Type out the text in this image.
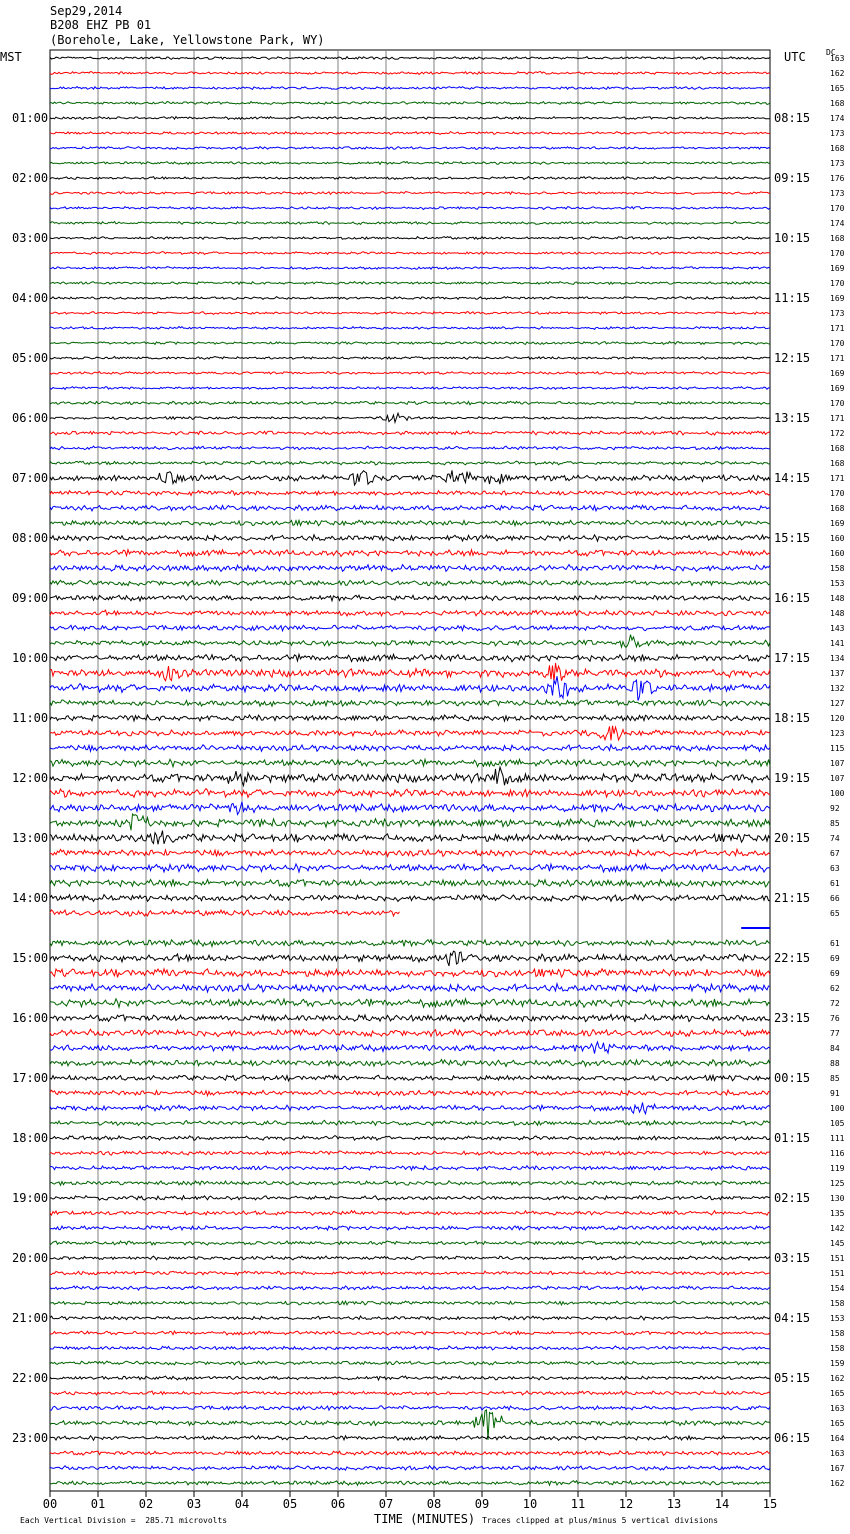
Sep29,2014
B208 EHZ PB 01
(Borehole, Lake, Yellowstone Park, WY)
MST	UTC	DC
00	01	02	03	04	05	06	07	08	09	10	11	12	13	14	15
163
162
165
168
174
173
168
173
176
173
170
174
168
170
169
170
169
173
171
170
171
169
169
170
171
172
168
168
171
170
168
169
160
160
158
153
148
148
143
141
134
137
132
127
120
123
115
107
107
100
92
85
74
67
63
61
66
65
61
69
69
62
72
76
77
84
88
85
91
100
105
111
116
119
125
130
135
142
145
151
151
154
158
153
158
158
159
162
165
163
165
164
163
167
162
01:00	08:15
02:00	09:15
03:00	10:15
04:00	11:15
05:00	12:15
06:00	13:15
07:00	14:15
08:00	15:15
09:00	16:15
10:00	17:15
11:00	18:15
12:00	19:15
13:00	20:15
14:00	21:15
15:00	22:15
16:00	23:15
17:00	00:15
18:00	01:15
19:00	02:15
20:00	03:15
21:00	04:15
22:00	05:15
23:00	06:15
Each Vertical Division =  285.71 microvolts	TIME (MINUTES) Traces clipped at plus/minus 5 vertical divisions
